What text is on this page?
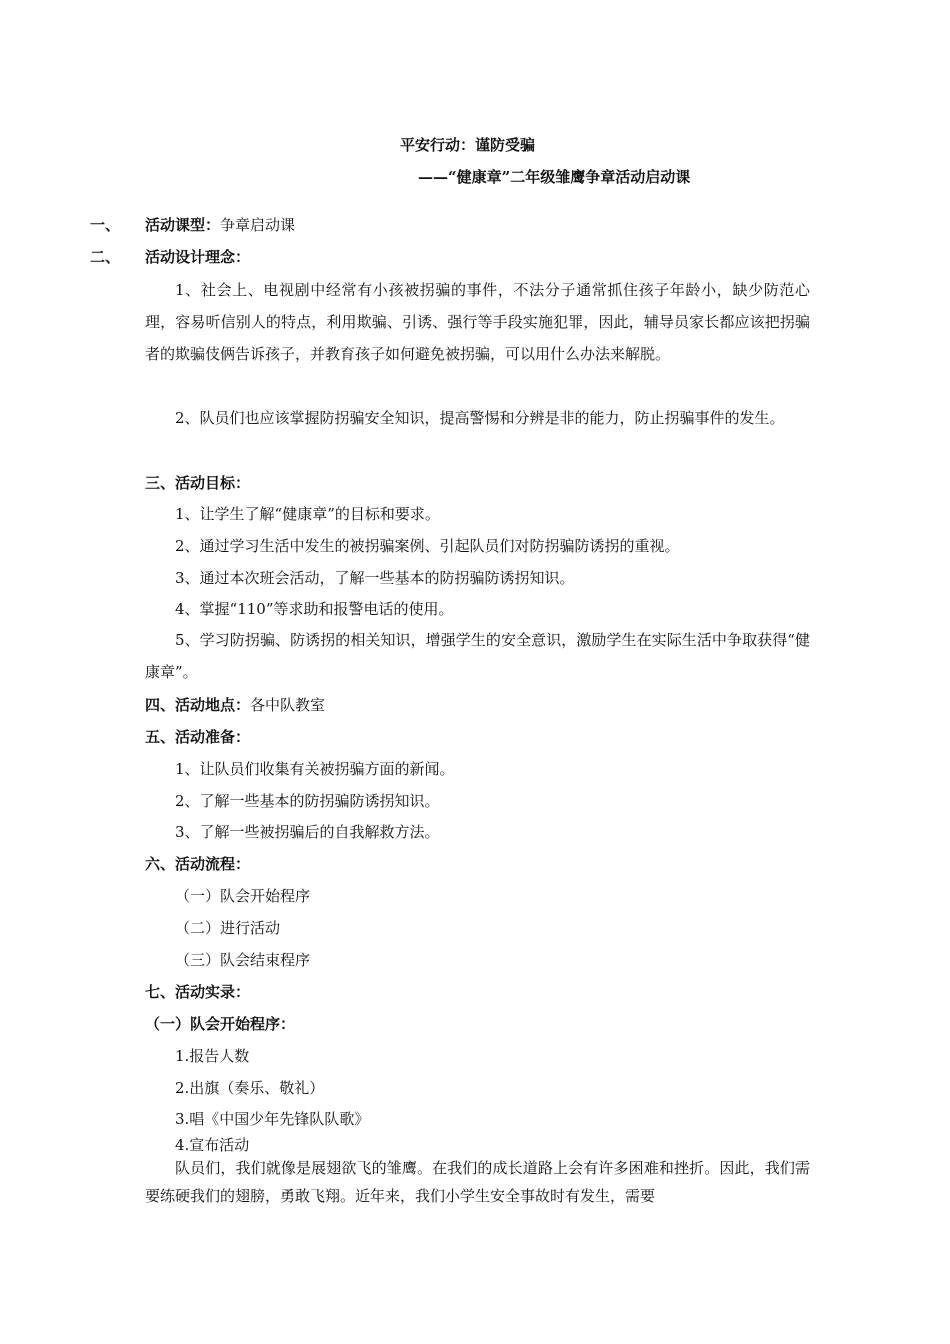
平安行动：谨防受骗
——“健康章”二年级雏鹰争章活动启动课
一、 活动课型：争章启动课
二、 活动设计理念：
1、社会上、电视剧中经常有小孩被拐骗的事件，不法分子通常抓住孩子年龄小，缺少防范心理，容易听信别人的特点，利用欺骗、引诱、强行等手段实施犯罪，因此，辅导员家长都应该把拐骗者的欺骗伎俩告诉孩子，并教育孩子如何避免被拐骗，可以用什么办法来解脱。
2、队员们也应该掌握防拐骗安全知识，提高警惕和分辨是非的能力，防止拐骗事件的发生。
三、活动目标：
1、让学生了解“健康章”的目标和要求。
2、通过学习生活中发生的被拐骗案例、引起队员们对防拐骗防诱拐的重视。
3、通过本次班会活动，了解一些基本的防拐骗防诱拐知识。
4、掌握“110”等求助和报警电话的使用。
5、学习防拐骗、防诱拐的相关知识，增强学生的安全意识，激励学生在实际生活中争取获得“健康章”。
四、活动地点：各中队教室
五、活动准备：
1、让队员们收集有关被拐骗方面的新闻。
2、了解一些基本的防拐骗防诱拐知识。
3、了解一些被拐骗后的自我解救方法。
六、活动流程：
（一）队会开始程序
（二）进行活动
（三）队会结束程序
七、活动实录：
（一）队会开始程序：
1.报告人数
2.出旗（奏乐、敬礼）
3.唱《中国少年先锋队队歌》
4.宣布活动
队员们，我们就像是展翅欲飞的雏鹰。在我们的成长道路上会有许多困难和挫折。因此，我们需要练硬我们的翅膀，勇敢飞翔。近年来，我们小学生安全事故时有发生，需要
